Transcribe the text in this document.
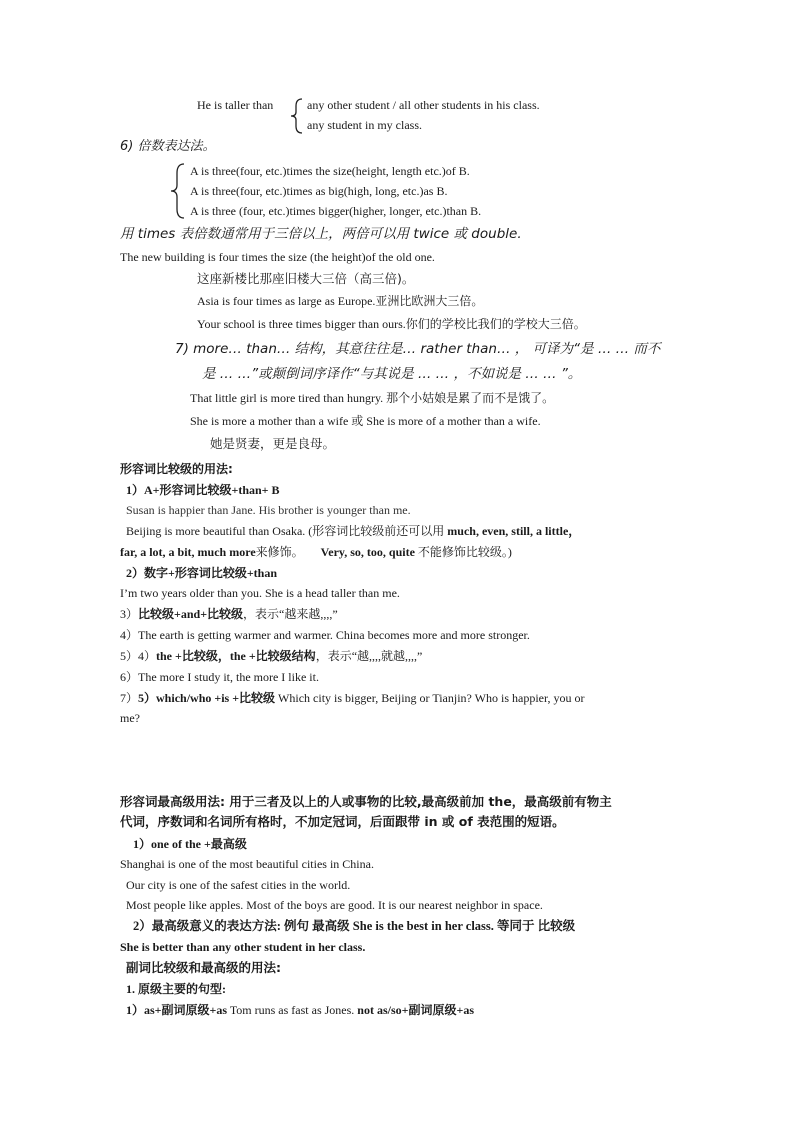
He is taller than	any other student / all other students in his class.
any student in my class.
6) 倍数表达法。
A is three(four, etc.)times the size(height, length etc.)of B.
A is three(four, etc.)times as big(high, long, etc.)as B.
A is three (four, etc.)times bigger(higher, longer, etc.)than B.
用 times 表倍数通常用于三倍以上，两倍可以用 twice 或 double.
The new building is four times the size (the height)of the old one.
这座新楼比那座旧楼大三倍（高三倍)。
Asia is four times as large as Europe.亚洲比欧洲大三倍。
Your school is three times bigger than ours.你们的学校比我们的学校大三倍。
7) more… than… 结构，其意往往是… rather than… ， 可译为“是 … … 而不
是 … …”或颠倒词序译作“与其说是 … … ，不如说是 … … ”。
That little girl is more tired than hungry. 那个小姑娘是累了而不是饿了。
She is more a mother than a wife 或 She is more of a mother than a wife.
她是贤妻，更是良母。
形容词比较级的用法:
1）A+形容词比较级+than+ B
Susan is happier than Jane. His brother is younger than me.
Beijing is more beautiful than Osaka. (形容词比较级前还可以用 much, even, still, a little，
far, a lot, a bit, much more来修饰。 Very, so, too, quite 不能修饰比较级。)
2）数字+形容词比较级+than
I’m two years older than you. She is a head taller than me.
3）比较级+and+比较级，表示“越来越,,,,”
4）The earth is getting warmer and warmer. China becomes more and more stronger.
5）4）the +比较级，the +比较级结构，表示“越,,,,就越,,,,”
6）The more I study it, the more I like it.
7）5）which/who +is +比较级 Which city is bigger, Beijing or Tianjin? Who is happier, you or
me?
形容词最高级用法: 用于三者及以上的人或事物的比较,最高级前加 the，最高级前有物主
代词，序数词和名词所有格时，不加定冠词，后面跟带 in 或 of 表范围的短语。
1）one of the +最高级
Shanghai is one of the most beautiful cities in China.
Our city is one of the safest cities in the world.
Most people like apples. Most of the boys are good. It is our nearest neighbor in space.
2）最高级意义的表达方法: 例句 最高级 She is the best in her class. 等同于 比较级
She is better than any other student in her class.
副词比较级和最高级的用法:
1. 原级主要的句型:
1）as+副词原级+as Tom runs as fast as Jones. not as/so+副词原级+as
